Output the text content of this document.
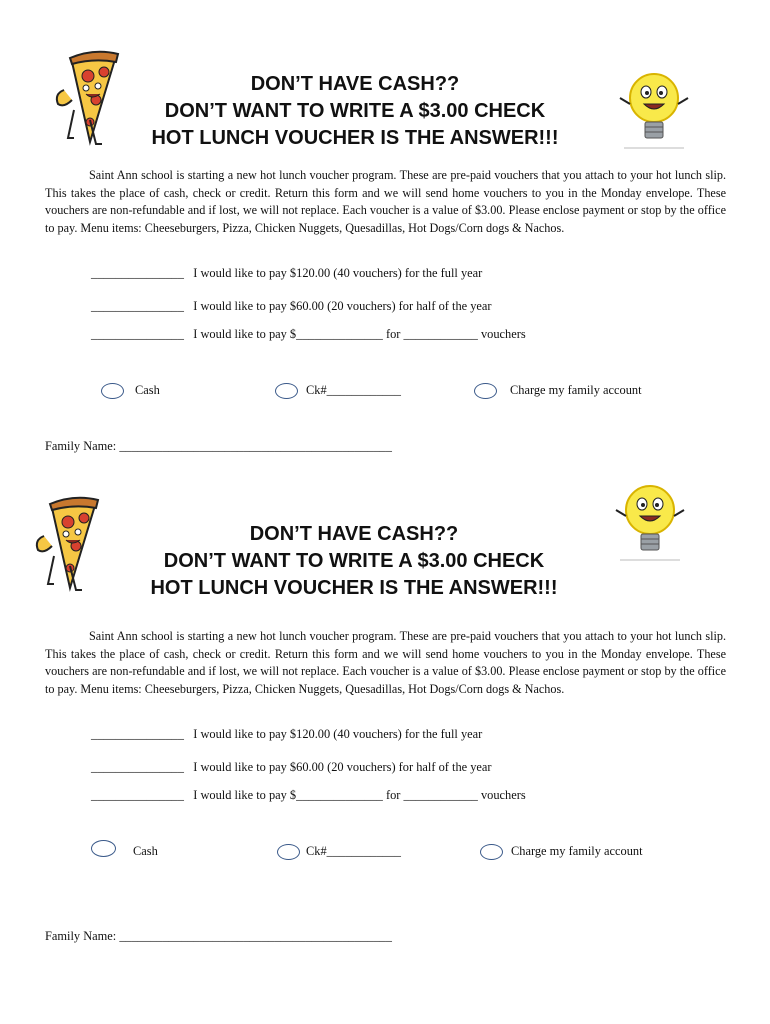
DON’T HAVE CASH??
DON’T WANT TO WRITE A $3.00 CHECK
HOT LUNCH VOUCHER IS THE ANSWER!!!
Saint Ann school is starting a new hot lunch voucher program. These are pre-paid vouchers that you attach to your hot lunch slip. This takes the place of cash, check or credit. Return this form and we will send home vouchers to you in the Monday envelope. These vouchers are non-refundable and if lost, we will not replace. Each voucher is a value of $3.00. Please enclose payment or stop by the office to pay. Menu items: Cheeseburgers, Pizza, Chicken Nuggets, Quesadillas, Hot Dogs/Corn dogs & Nachos.
_______________ I would like to pay $120.00 (40 vouchers) for the full year
_______________ I would like to pay $60.00 (20 vouchers) for half of the year
_______________ I would like to pay $______________ for ____________ vouchers
Cash	Ck#____________	Charge my family account
Family Name: ____________________________________________
DON’T HAVE CASH??
DON’T WANT TO WRITE A $3.00 CHECK
HOT LUNCH VOUCHER IS THE ANSWER!!!
Saint Ann school is starting a new hot lunch voucher program. These are pre-paid vouchers that you attach to your hot lunch slip. This takes the place of cash, check or credit. Return this form and we will send home vouchers to you in the Monday envelope. These vouchers are non-refundable and if lost, we will not replace. Each voucher is a value of $3.00. Please enclose payment or stop by the office to pay. Menu items: Cheeseburgers, Pizza, Chicken Nuggets, Quesadillas, Hot Dogs/Corn dogs & Nachos.
_______________ I would like to pay $120.00 (40 vouchers) for the full year
_______________ I would like to pay $60.00 (20 vouchers) for half of the year
_______________ I would like to pay $______________ for ____________ vouchers
Cash	Ck#____________	Charge my family account
Family Name: ____________________________________________
